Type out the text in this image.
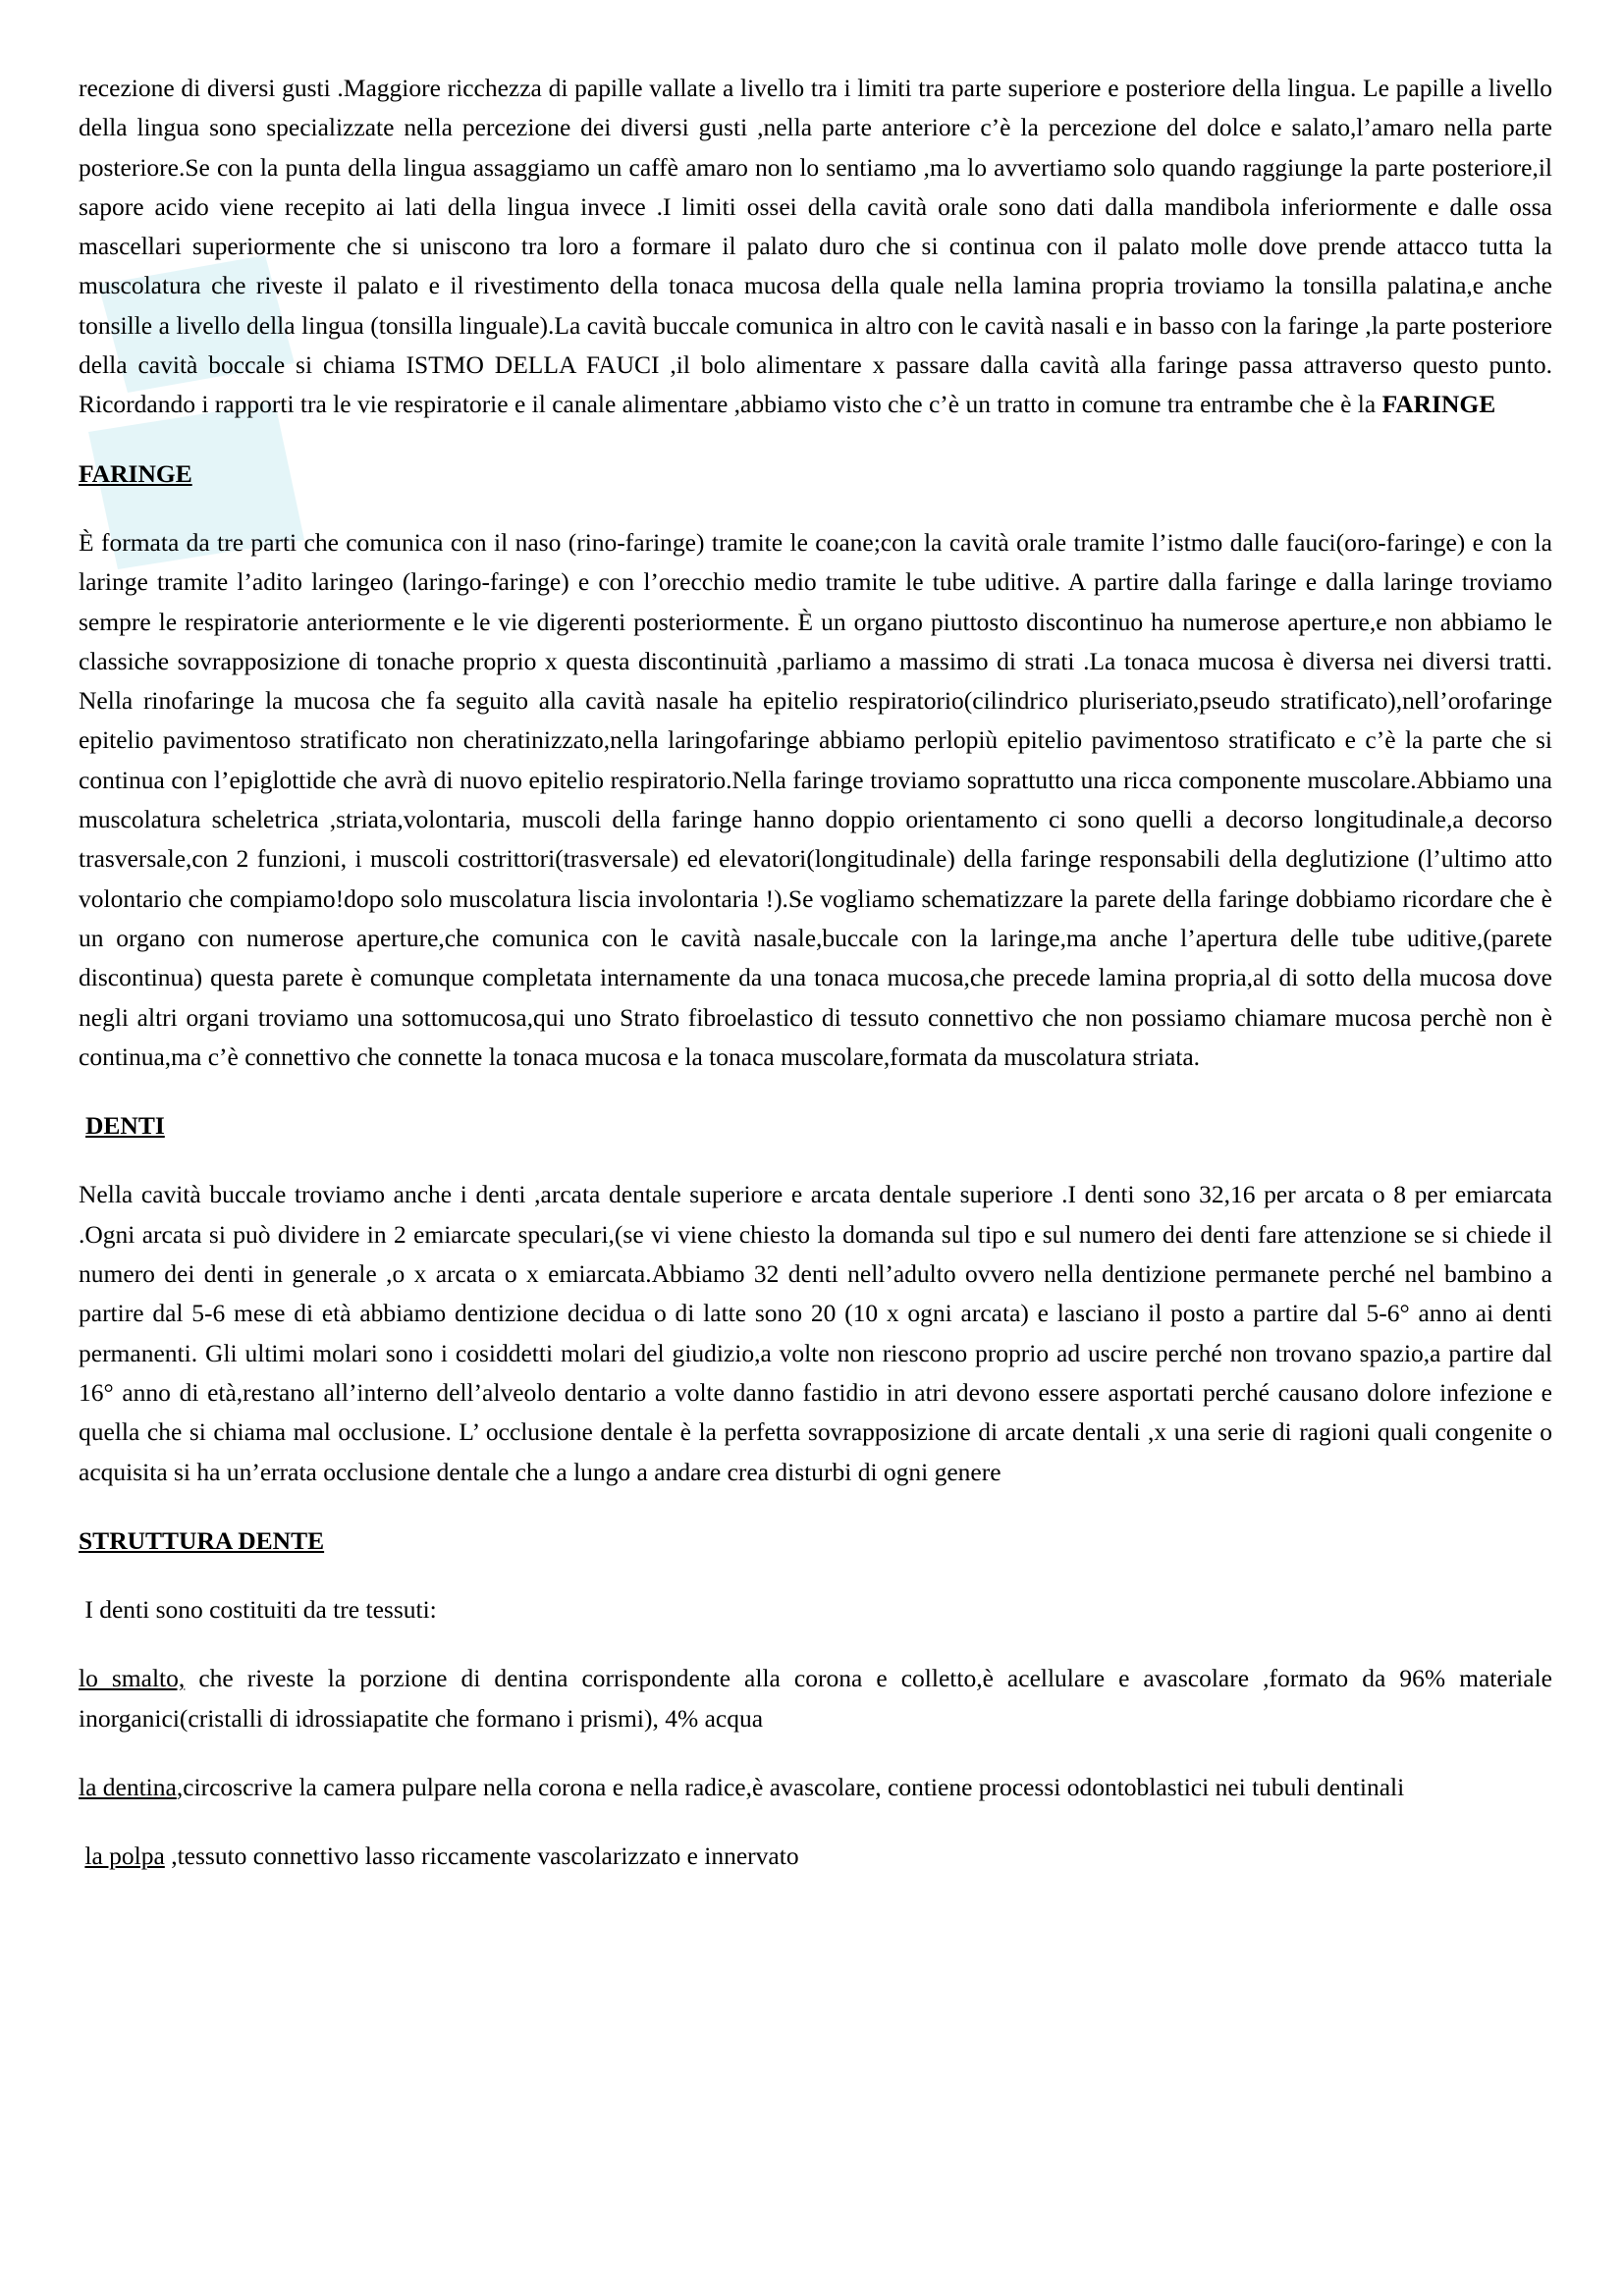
recezione di diversi gusti .Maggiore ricchezza di papille vallate a livello tra i limiti tra parte superiore e posteriore della lingua. Le papille a livello della lingua sono specializzate nella percezione dei diversi gusti ,nella parte anteriore c’è la percezione del dolce e salato,l’amaro nella parte posteriore.Se con la punta della lingua assaggiamo un caffè amaro non lo sentiamo ,ma lo avvertiamo solo quando raggiunge la parte posteriore,il sapore acido viene recepito ai lati della lingua invece .I limiti ossei della cavità orale sono dati dalla mandibola inferiormente e dalle ossa mascellari superiormente che si uniscono tra loro a formare il palato duro che si continua con il palato molle dove prende attacco tutta la muscolatura che riveste il palato e il rivestimento della tonaca mucosa della quale nella lamina propria troviamo la tonsilla palatina,e anche tonsille a livello della lingua (tonsilla linguale).La cavità buccale comunica in altro con le cavità nasali e in basso con la faringe ,la parte posteriore della cavità boccale si chiama ISTMO DELLA FAUCI ,il bolo alimentare x passare dalla cavità alla faringe passa attraverso questo punto. Ricordando i rapporti tra le vie respiratorie e il canale alimentare ,abbiamo visto che c’è un tratto in comune tra entrambe che è la FARINGE

FARINGE

È formata da tre parti che comunica con il naso (rino-faringe) tramite le coane;con la cavità orale tramite l’istmo dalle fauci(oro-faringe) e con la laringe tramite l’adito laringeo (laringo-faringe) e con l’orecchio medio tramite le tube uditive. A partire dalla faringe e dalla laringe troviamo sempre le respiratorie anteriormente e le vie digerenti posteriormente. È un organo piuttosto discontinuo ha numerose aperture,e non abbiamo le classiche sovrapposizione di tonache proprio x questa discontinuità ,parliamo a massimo di strati .La tonaca mucosa è diversa nei diversi tratti. Nella rinofaringe la mucosa che fa seguito alla cavità nasale ha epitelio respiratorio(cilindrico pluriseriato,pseudo stratificato),nell’orofaringe epitelio pavimentoso stratificato non cheratinizzato,nella laringofaringe abbiamo perlopiù epitelio pavimentoso stratificato e c’è la parte che si continua con l’epiglottide che avrà di nuovo epitelio respiratorio.Nella faringe troviamo soprattutto una ricca componente muscolare.Abbiamo una muscolatura scheletrica ,striata,volontaria, muscoli della faringe hanno doppio orientamento ci sono quelli a decorso longitudinale,a decorso trasversale,con 2 funzioni, i muscoli costrittori(trasversale) ed elevatori(longitudinale) della faringe responsabili della deglutizione (l’ultimo atto volontario che compiamo!dopo solo muscolatura liscia involontaria !).Se vogliamo schematizzare la parete della faringe dobbiamo ricordare che è un organo con numerose aperture,che comunica con le cavità nasale,buccale con la laringe,ma anche l’apertura delle tube uditive,(parete discontinua) questa parete è comunque completata internamente da una tonaca mucosa,che precede lamina propria,al di sotto della mucosa dove negli altri organi troviamo una sottomucosa,qui uno Strato fibroelastico di tessuto connettivo che non possiamo chiamare mucosa perchè non è continua,ma c’è connettivo che connette la tonaca mucosa e la tonaca muscolare,formata da muscolatura striata.

DENTI

Nella cavità buccale troviamo anche i denti ,arcata dentale superiore e arcata dentale superiore .I denti sono 32,16 per arcata o 8 per emiarcata .Ogni arcata si può dividere in 2 emiarcate speculari,(se vi viene chiesto la domanda sul tipo e sul numero dei denti fare attenzione se si chiede il numero dei denti in generale ,o x arcata o x emiarcata.Abbiamo 32 denti nell’adulto ovvero nella dentizione permanete perché nel bambino a partire dal 5-6 mese di età abbiamo dentizione decidua o di latte sono 20 (10 x ogni arcata) e lasciano il posto a partire dal 5-6° anno ai denti permanenti. Gli ultimi molari sono i cosiddetti molari del giudizio,a volte non riescono proprio ad uscire perché non trovano spazio,a partire dal 16° anno di età,restano all’interno dell’alveolo dentario a volte danno fastidio in atri devono essere asportati perché causano dolore infezione e quella che si chiama mal occlusione. L’ occlusione dentale è la perfetta sovrapposizione di arcate dentali ,x una serie di ragioni quali congenite o acquisita si ha un’errata occlusione dentale che a lungo a andare crea disturbi di ogni genere

STRUTTURA DENTE

I denti sono costituiti da tre tessuti:

lo smalto, che riveste la porzione di dentina corrispondente alla corona e colletto,è acellulare e avascolare ,formato da 96% materiale inorganici(cristalli di idrossiapatite che formano i prismi), 4% acqua

la dentina,circoscrive la camera pulpare nella corona e nella radice,è avascolare, contiene processi odontoblastici nei tubuli dentinali

la polpa ,tessuto connettivo lasso riccamente vascolarizzato e innervato
